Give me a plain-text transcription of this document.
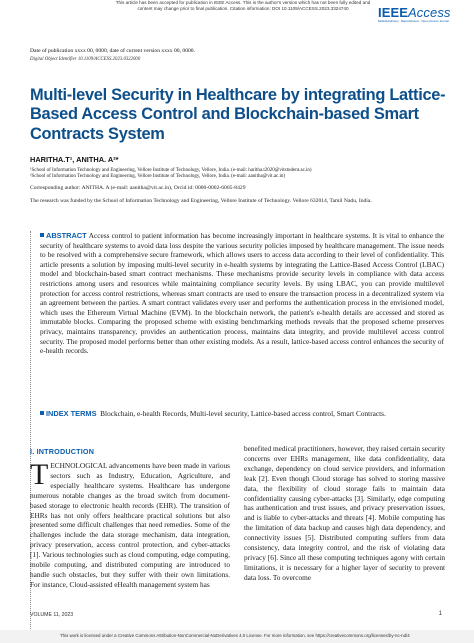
This article has been accepted for publication in IEEE Access. This is the author's version which has not been fully edited and
content may change prior to final publication. Citation information: DOI 10.1109/ACCESS.2023.3324740	IEEEAccess
Multidisciplinary · Rapid Review · Open Access Journal
Date of publication xxxx 00, 0000, date of current version xxxx 00, 0000.
Digital Object Identifier 10.1109/ACCESS.2023.0322000
Multi-level Security in Healthcare by integrating Lattice-Based Access Control and Blockchain-based Smart Contracts System
HARITHA.T¹, ANITHA. A²*
¹School of Information Technology and Engineering, Vellore Institute of Technology, Vellore, India. (e-mail: haritha.t2020@vitstudent.ac.in)
²School of Information Technology and Engineering, Vellore Institute of Technology, Vellore, India. (e-mail: aanitha@vit.ac.in)
Corresponding author: ANITHA. A (e-mail: aanitha@vit.ac.in), Orcid id: 0000-0002-6005-8429
The research was funded by the School of Information Technology and Engineering, Vellore Institute of Technology. Vellore 632014, Tamil Nadu, India.
ABSTRACT Access control to patient information has become increasingly important in healthcare systems. It is vital to enhance the security of healthcare systems to avoid data loss despite the various security policies imposed by healthcare management. The issue needs to be resolved with a comprehensive secure framework, which allows users to access data according to their level of confidentiality. This article presents a solution by imposing multi-level security in e-health systems by integrating the Lattice-Based Access Control (LBAC) model and blockchain-based smart contract mechanisms. These mechanisms provide security levels in compliance with data access restrictions among users and resources while maintaining compliance security levels. By using LBAC, you can provide multilevel protection for access control restrictions, whereas smart contracts are used to ensure the transaction process in a decentralized system via an agreement between the parties. A smart contract validates every user and performs the authentication process in the envisioned model, which uses the Ethereum Virtual Machine (EVM). In the blockchain network, the patient's e-health details are accessed and stored as immutable blocks. Comparing the proposed scheme with existing benchmarking methods reveals that the proposed scheme preserves privacy, maintains transparency, provides an authentication process, maintains data integrity, and provide multilevel access control security. The proposed model performs better than other existing models. As a result, lattice-based access control enhances the security of e-health records.
INDEX TERMS Blockchain, e-health Records, Multi-level security, Lattice-based access control, Smart Contracts.
I. INTRODUCTION
TECHNOLOGICAL advancements have been made in various sectors such as Industry, Education, Agriculture, and especially healthcare systems. Healthcare has undergone numerous notable changes as the broad switch from document-based storage to electronic health records (EHR). The transition of EHRs has not only offers healthcare practical solutions but also presented some difficult challenges that need remedies. Some of the challenges include the data storage mechanism, data integration, privacy preservation, access control protection, and cyber-attacks [1]. Various technologies such as cloud computing, edge computing, mobile computing, and distributed computing are introduced to handle such obstacles, but they suffer with their own limitations. For instance, Cloud-assisted eHealth management system has
benefited medical practitioners, however, they raised certain security concerns over EHRs management, like data confidentiality, data exchange, dependency on cloud service providers, and information leak [2]. Even though Cloud storage has solved to storing massive data, the flexibility of cloud storage fails to maintain data confidentiality causing cyber-attacks [3]. Similarly, edge computing has authentication and trust issues, and privacy preservation issues, and is liable to cyber-attacks and threats [4]. Mobile computing has the limitation of data backup and causes high data dependency, and connectivity issues [5]. Distributed computing suffers from data consistency, data integrity control, and the risk of violating data privacy [6]. Since all these computing techniques agony with certain limitations, it is necessary for a higher layer of security to prevent data loss. To overcome
VOLUME 11, 2023	1
This work is licensed under a Creative Commons Attribution-NonCommercial-NoDerivatives 4.0 License. For more information, see https://creativecommons.org/licenses/by-nc-nd/4
